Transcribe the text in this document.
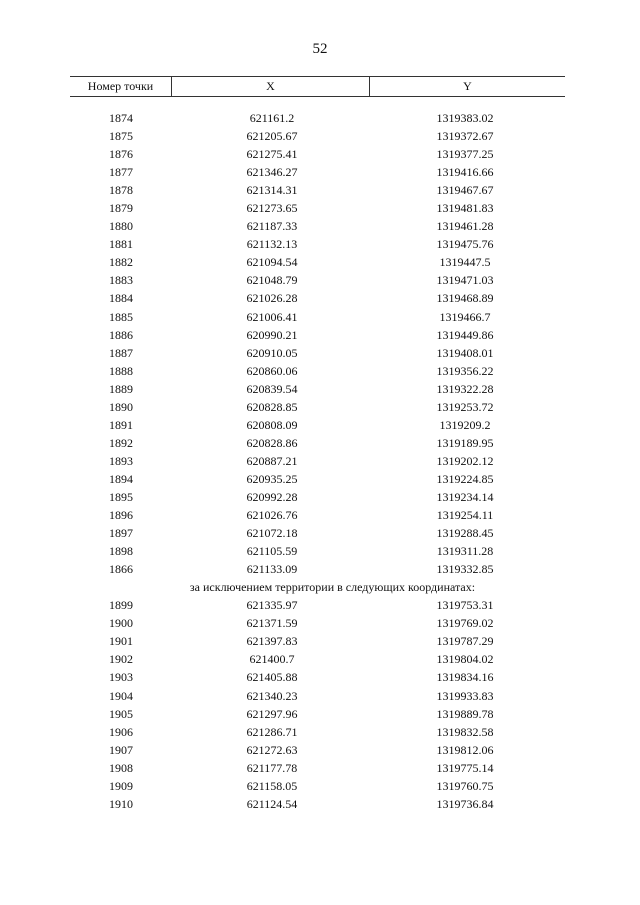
52
Номер точки	X	Y
1874	621161.2	1319383.02
1875	621205.67	1319372.67
1876	621275.41	1319377.25
1877	621346.27	1319416.66
1878	621314.31	1319467.67
1879	621273.65	1319481.83
1880	621187.33	1319461.28
1881	621132.13	1319475.76
1882	621094.54	1319447.5
1883	621048.79	1319471.03
1884	621026.28	1319468.89
1885	621006.41	1319466.7
1886	620990.21	1319449.86
1887	620910.05	1319408.01
1888	620860.06	1319356.22
1889	620839.54	1319322.28
1890	620828.85	1319253.72
1891	620808.09	1319209.2
1892	620828.86	1319189.95
1893	620887.21	1319202.12
1894	620935.25	1319224.85
1895	620992.28	1319234.14
1896	621026.76	1319254.11
1897	621072.18	1319288.45
1898	621105.59	1319311.28
1866	621133.09	1319332.85
за исключением территории в следующих координатах:
1899	621335.97	1319753.31
1900	621371.59	1319769.02
1901	621397.83	1319787.29
1902	621400.7	1319804.02
1903	621405.88	1319834.16
1904	621340.23	1319933.83
1905	621297.96	1319889.78
1906	621286.71	1319832.58
1907	621272.63	1319812.06
1908	621177.78	1319775.14
1909	621158.05	1319760.75
1910	621124.54	1319736.84
